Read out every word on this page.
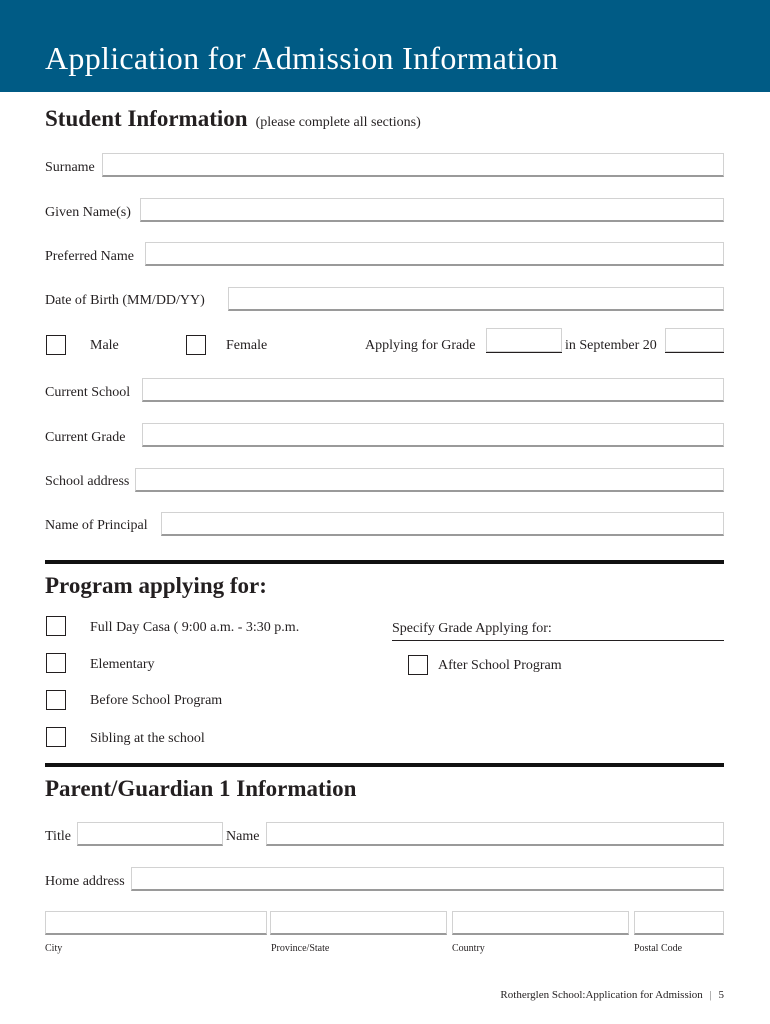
Application for Admission Information
Student Information (please complete all sections)
Surname
Given Name(s)
Preferred Name
Date of Birth (MM/DD/YY)
Male	Female	Applying for Grade	in September 20
Current School
Current Grade
School address
Name of Principal
Program applying for:
Full Day Casa ( 9:00 a.m. - 3:30 p.m.
Elementary
Before School Program
Sibling at the school
Specify Grade Applying for:
After School Program
Parent/Guardian 1 Information
Title	Name
Home address
City	Province/State	Country	Postal Code
Rotherglen School:Application for Admission | 5
